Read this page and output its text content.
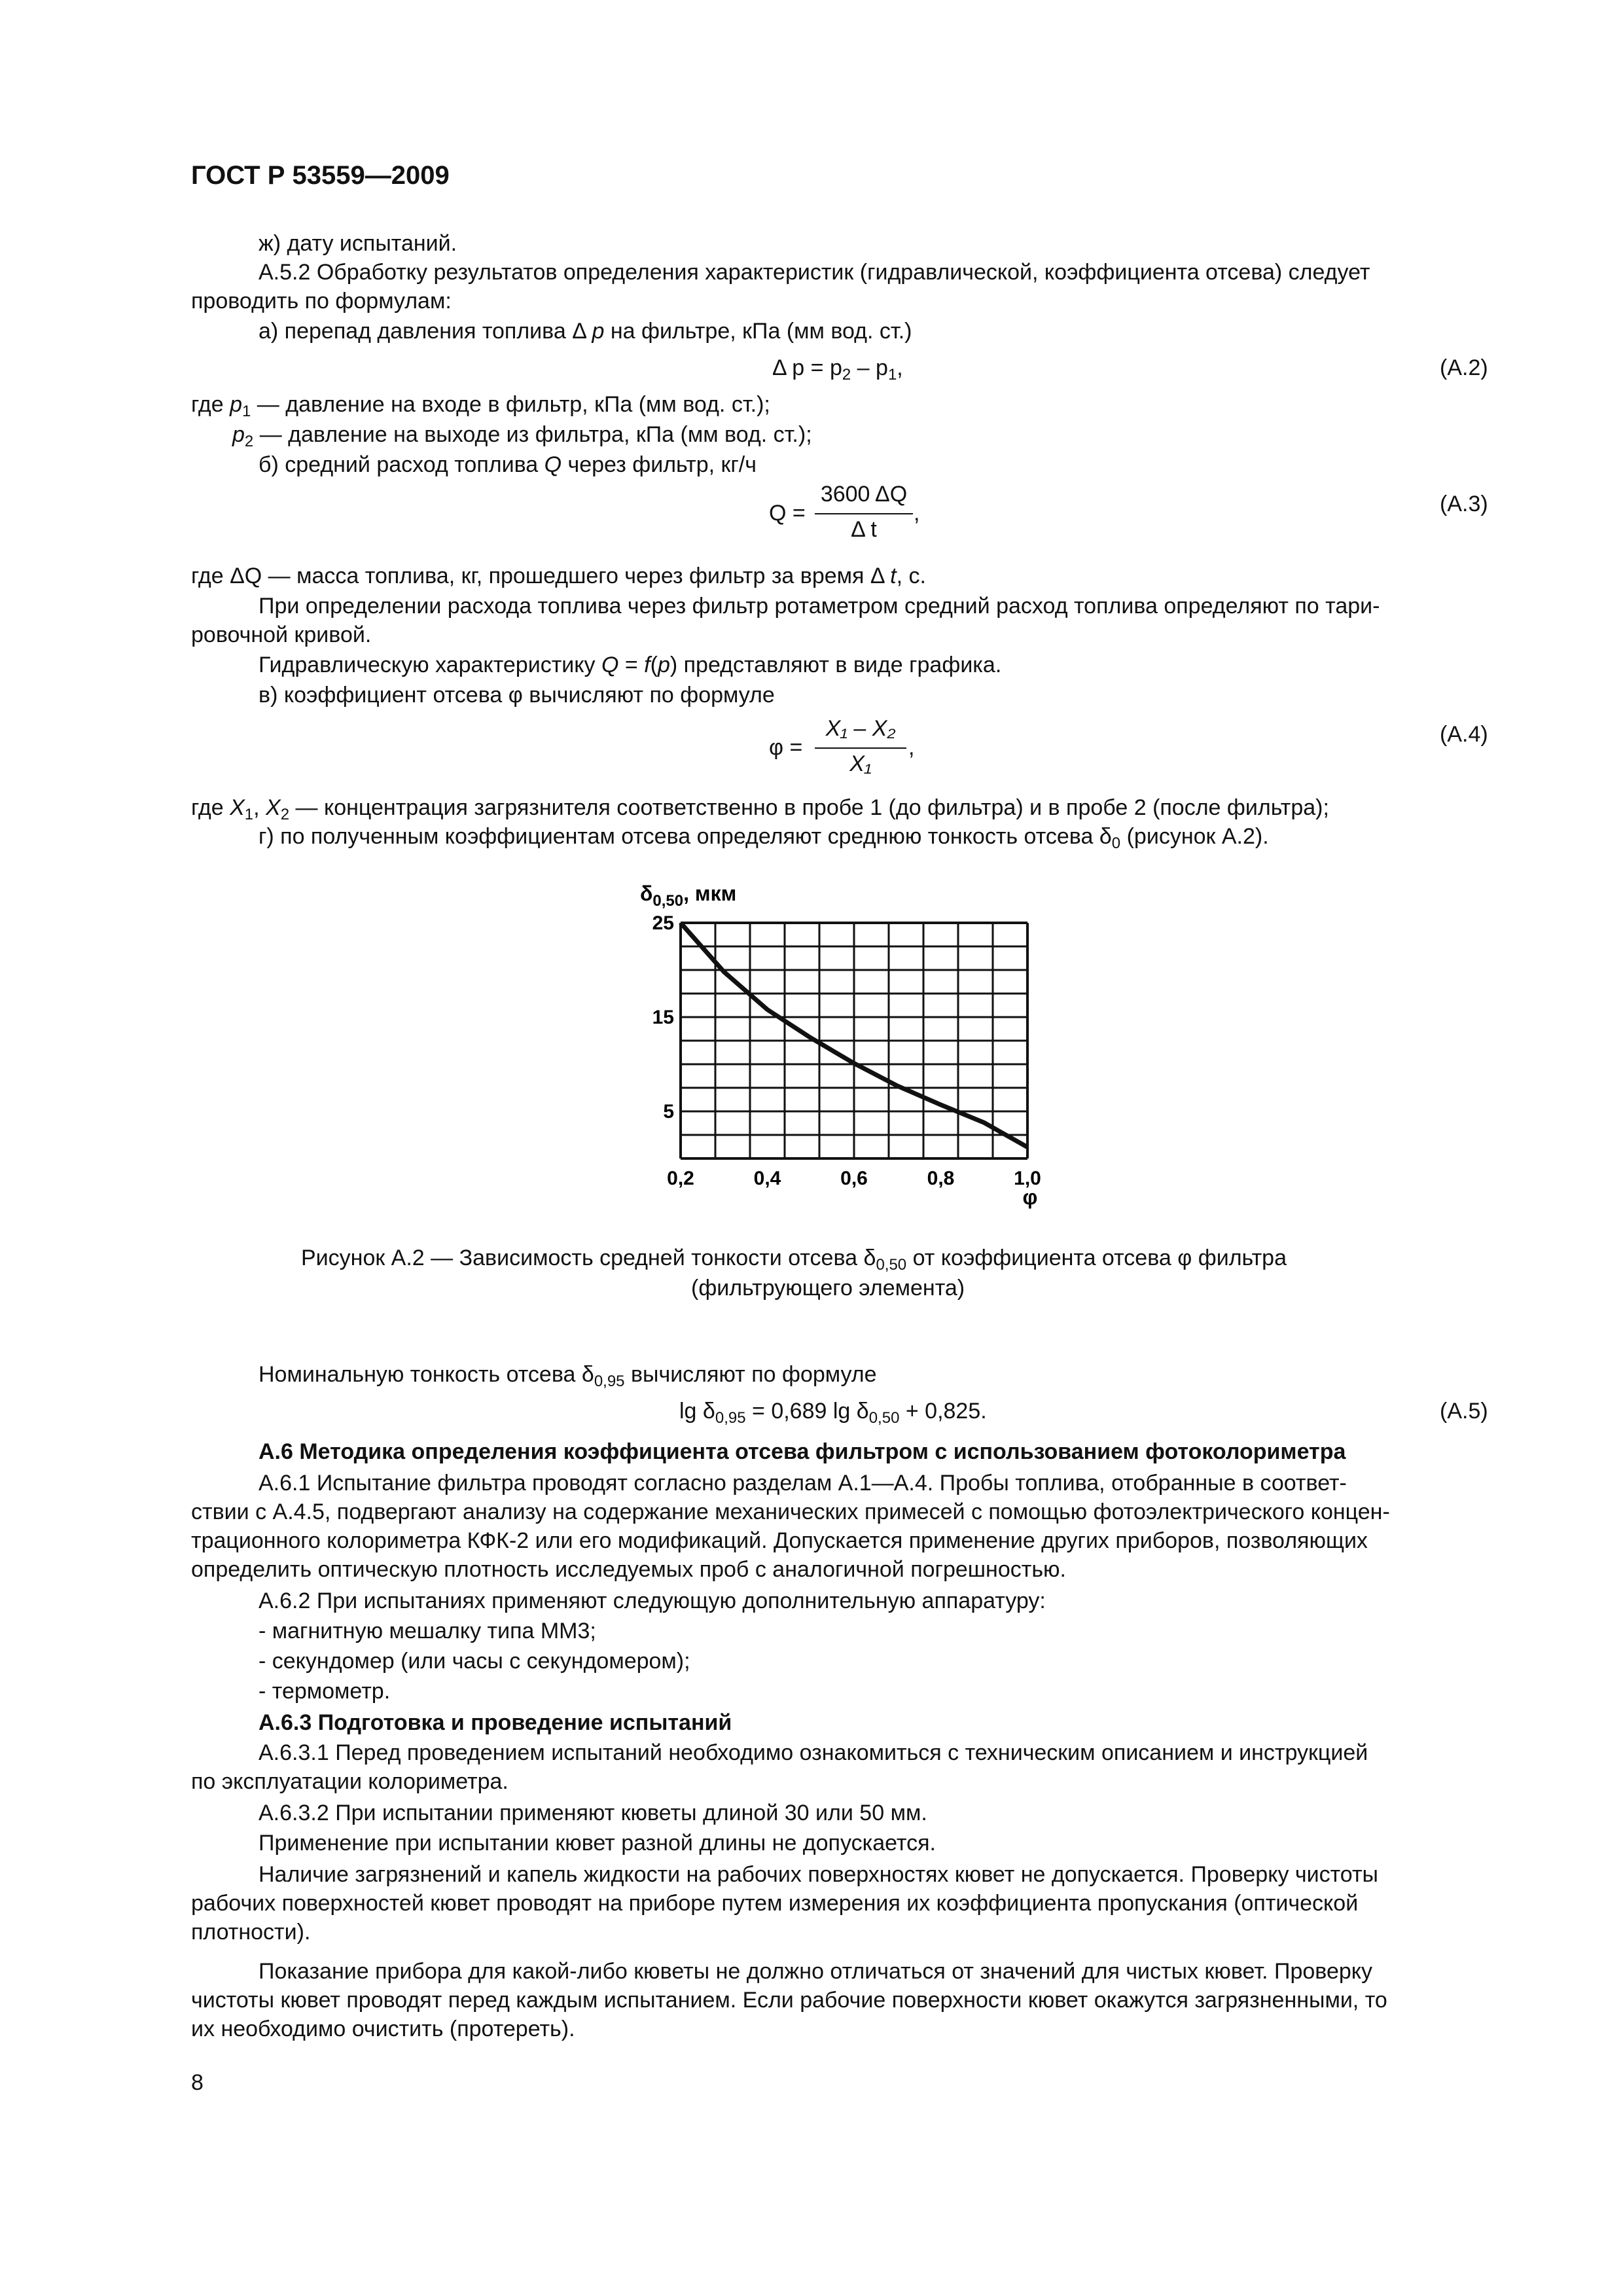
ГОСТ Р 53559—2009
ж) дату испытаний.
А.5.2 Обработку результатов определения характеристик (гидравлической, коэффициента отсева) следует
проводить по формулам:
а) перепад давления топлива Δ p на фильтре, кПа (мм вод. ст.)
Δ $p = p_2 - p_1$,	(А.2)
где $p_1$ — давление на входе в фильтр, кПа (мм вод. ст.);
$p_2$ — давление на выходе из фильтра, кПа (мм вод. ст.);
б) средний расход топлива Q через фильтр, кг/ч
Q =
3600 ΔQ
Δ t
,	(А.3)
где ΔQ — масса топлива, кг, прошедшего через фильтр за время Δ t, с.
При определении расхода топлива через фильтр ротаметром средний расход топлива определяют по тари-
ровочной кривой.
Гидравлическую характеристику Q = f(p) представляют в виде графика.
в) коэффициент отсева φ вычисляют по формуле
φ =
X₁ – X₂
X₁
,
(А.4)
где $X_1$, $X_2$ — концентрация загрязнителя соответственно в пробе 1 (до фильтра) и в пробе 2 (после фильтра);
г) по полученным коэффициентам отсева определяют среднюю тонкость отсева $\delta_0$ (рисунок А.2).
$\delta_{0,50}$, мкм
25
15
5
0,2	0,4	0,6	0,8	1,0
φ
Рисунок А.2 — Зависимость средней тонкости отсева $\delta_{0,50}$ от коэффициента отсева φ фильтра
(фильтрующего элемента)
Номинальную тонкость отсева $\delta_{0,95}$ вычисляют по формуле
$\lg \delta_{0,95} = 0,689$ $\lg \delta_{0,50} + 0,825$.	(А.5)
А.6 Методика определения коэффициента отсева фильтром с использованием фотоколориметра
А.6.1 Испытание фильтра проводят согласно разделам А.1—А.4. Пробы топлива, отобранные в соответ-
ствии с А.4.5, подвергают анализу на содержание механических примесей с помощью фотоэлектрического концен-
трационного колориметра КФК-2 или его модификаций. Допускается применение других приборов, позволяющих
определить оптическую плотность исследуемых проб с аналогичной погрешностью.
А.6.2 При испытаниях применяют следующую дополнительную аппаратуру:
- магнитную мешалку типа ММ3;
- секундомер (или часы с секундомером);
- термометр.
А.6.3 Подготовка и проведение испытаний
А.6.3.1 Перед проведением испытаний необходимо ознакомиться с техническим описанием и инструкцией
по эксплуатации колориметра.
А.6.3.2 При испытании применяют кюветы длиной 30 или 50 мм.
Применение при испытании кювет разной длины не допускается.
Наличие загрязнений и капель жидкости на рабочих поверхностях кювет не допускается. Проверку чистоты
рабочих поверхностей кювет проводят на приборе путем измерения их коэффициента пропускания (оптической
плотности).
Показание прибора для какой-либо кюветы не должно отличаться от значений для чистых кювет. Проверку
чистоты кювет проводят перед каждым испытанием. Если рабочие поверхности кювет окажутся загрязненными, то
их необходимо очистить (протереть).
8
